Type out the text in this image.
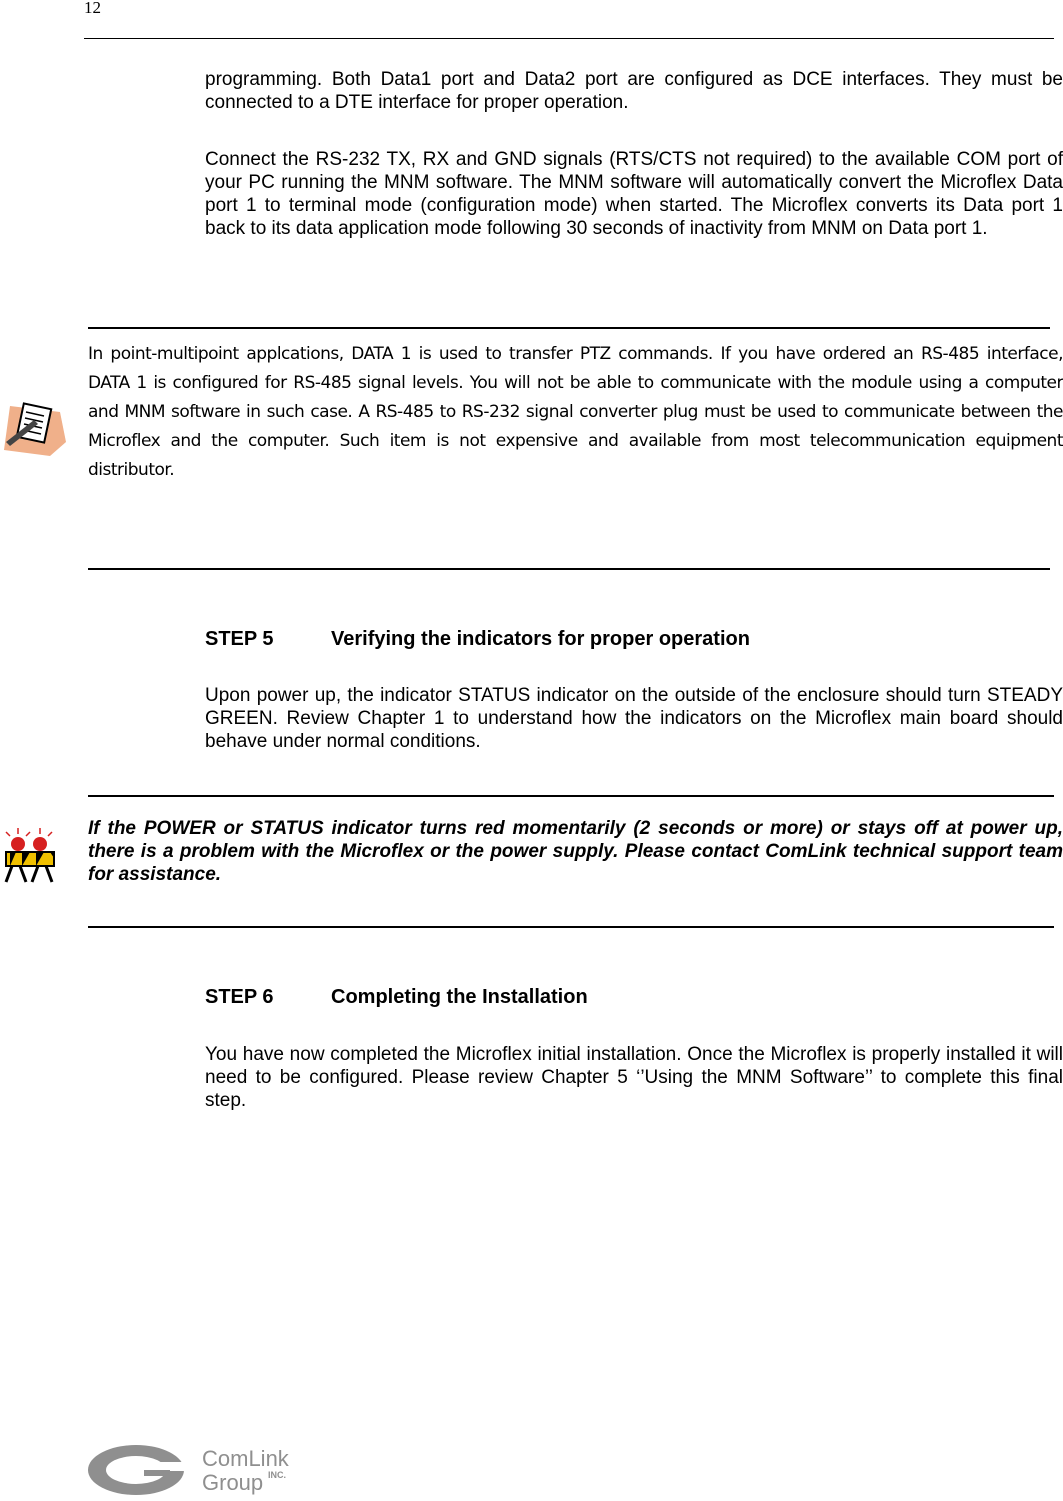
12

programming. Both Data1 port and Data2 port are configured as DCE interfaces. They must be connected to a DTE interface for proper operation.

Connect the RS-232 TX, RX and GND signals (RTS/CTS not required) to the available COM port of your PC running the MNM software. The MNM software will automatically convert the Microflex Data port 1 to terminal mode (configuration mode) when started. The Microflex converts its Data port 1 back to its data application mode following 30 seconds of inactivity from MNM on Data port 1.

In point-multipoint applcations, DATA 1 is used to transfer PTZ commands. If you have ordered an RS-485 interface, DATA 1 is configured for RS-485 signal levels. You will not be able to communicate with the module using a computer and MNM software in such case. A RS-485 to RS-232 signal converter plug must be used to communicate between the Microflex and the computer. Such item is not expensive and available from most telecommunication equipment distributor.

STEP 5	Verifying the indicators for proper operation

Upon power up, the indicator STATUS indicator on the outside of the enclosure should turn STEADY GREEN. Review Chapter 1 to understand how the indicators on the Microflex main board should behave under normal conditions.

If the POWER or STATUS indicator turns red momentarily (2 seconds or more) or stays off at power up, there is a problem with the Microflex or the power supply. Please contact ComLink technical support team for assistance.

STEP 6	Completing the Installation

You have now completed the Microflex initial installation. Once the Microflex is properly installed it will need to be configured. Please review Chapter 5 ‘’Using the MNM Software’’ to complete this final step.

ComLink
Group INC.
